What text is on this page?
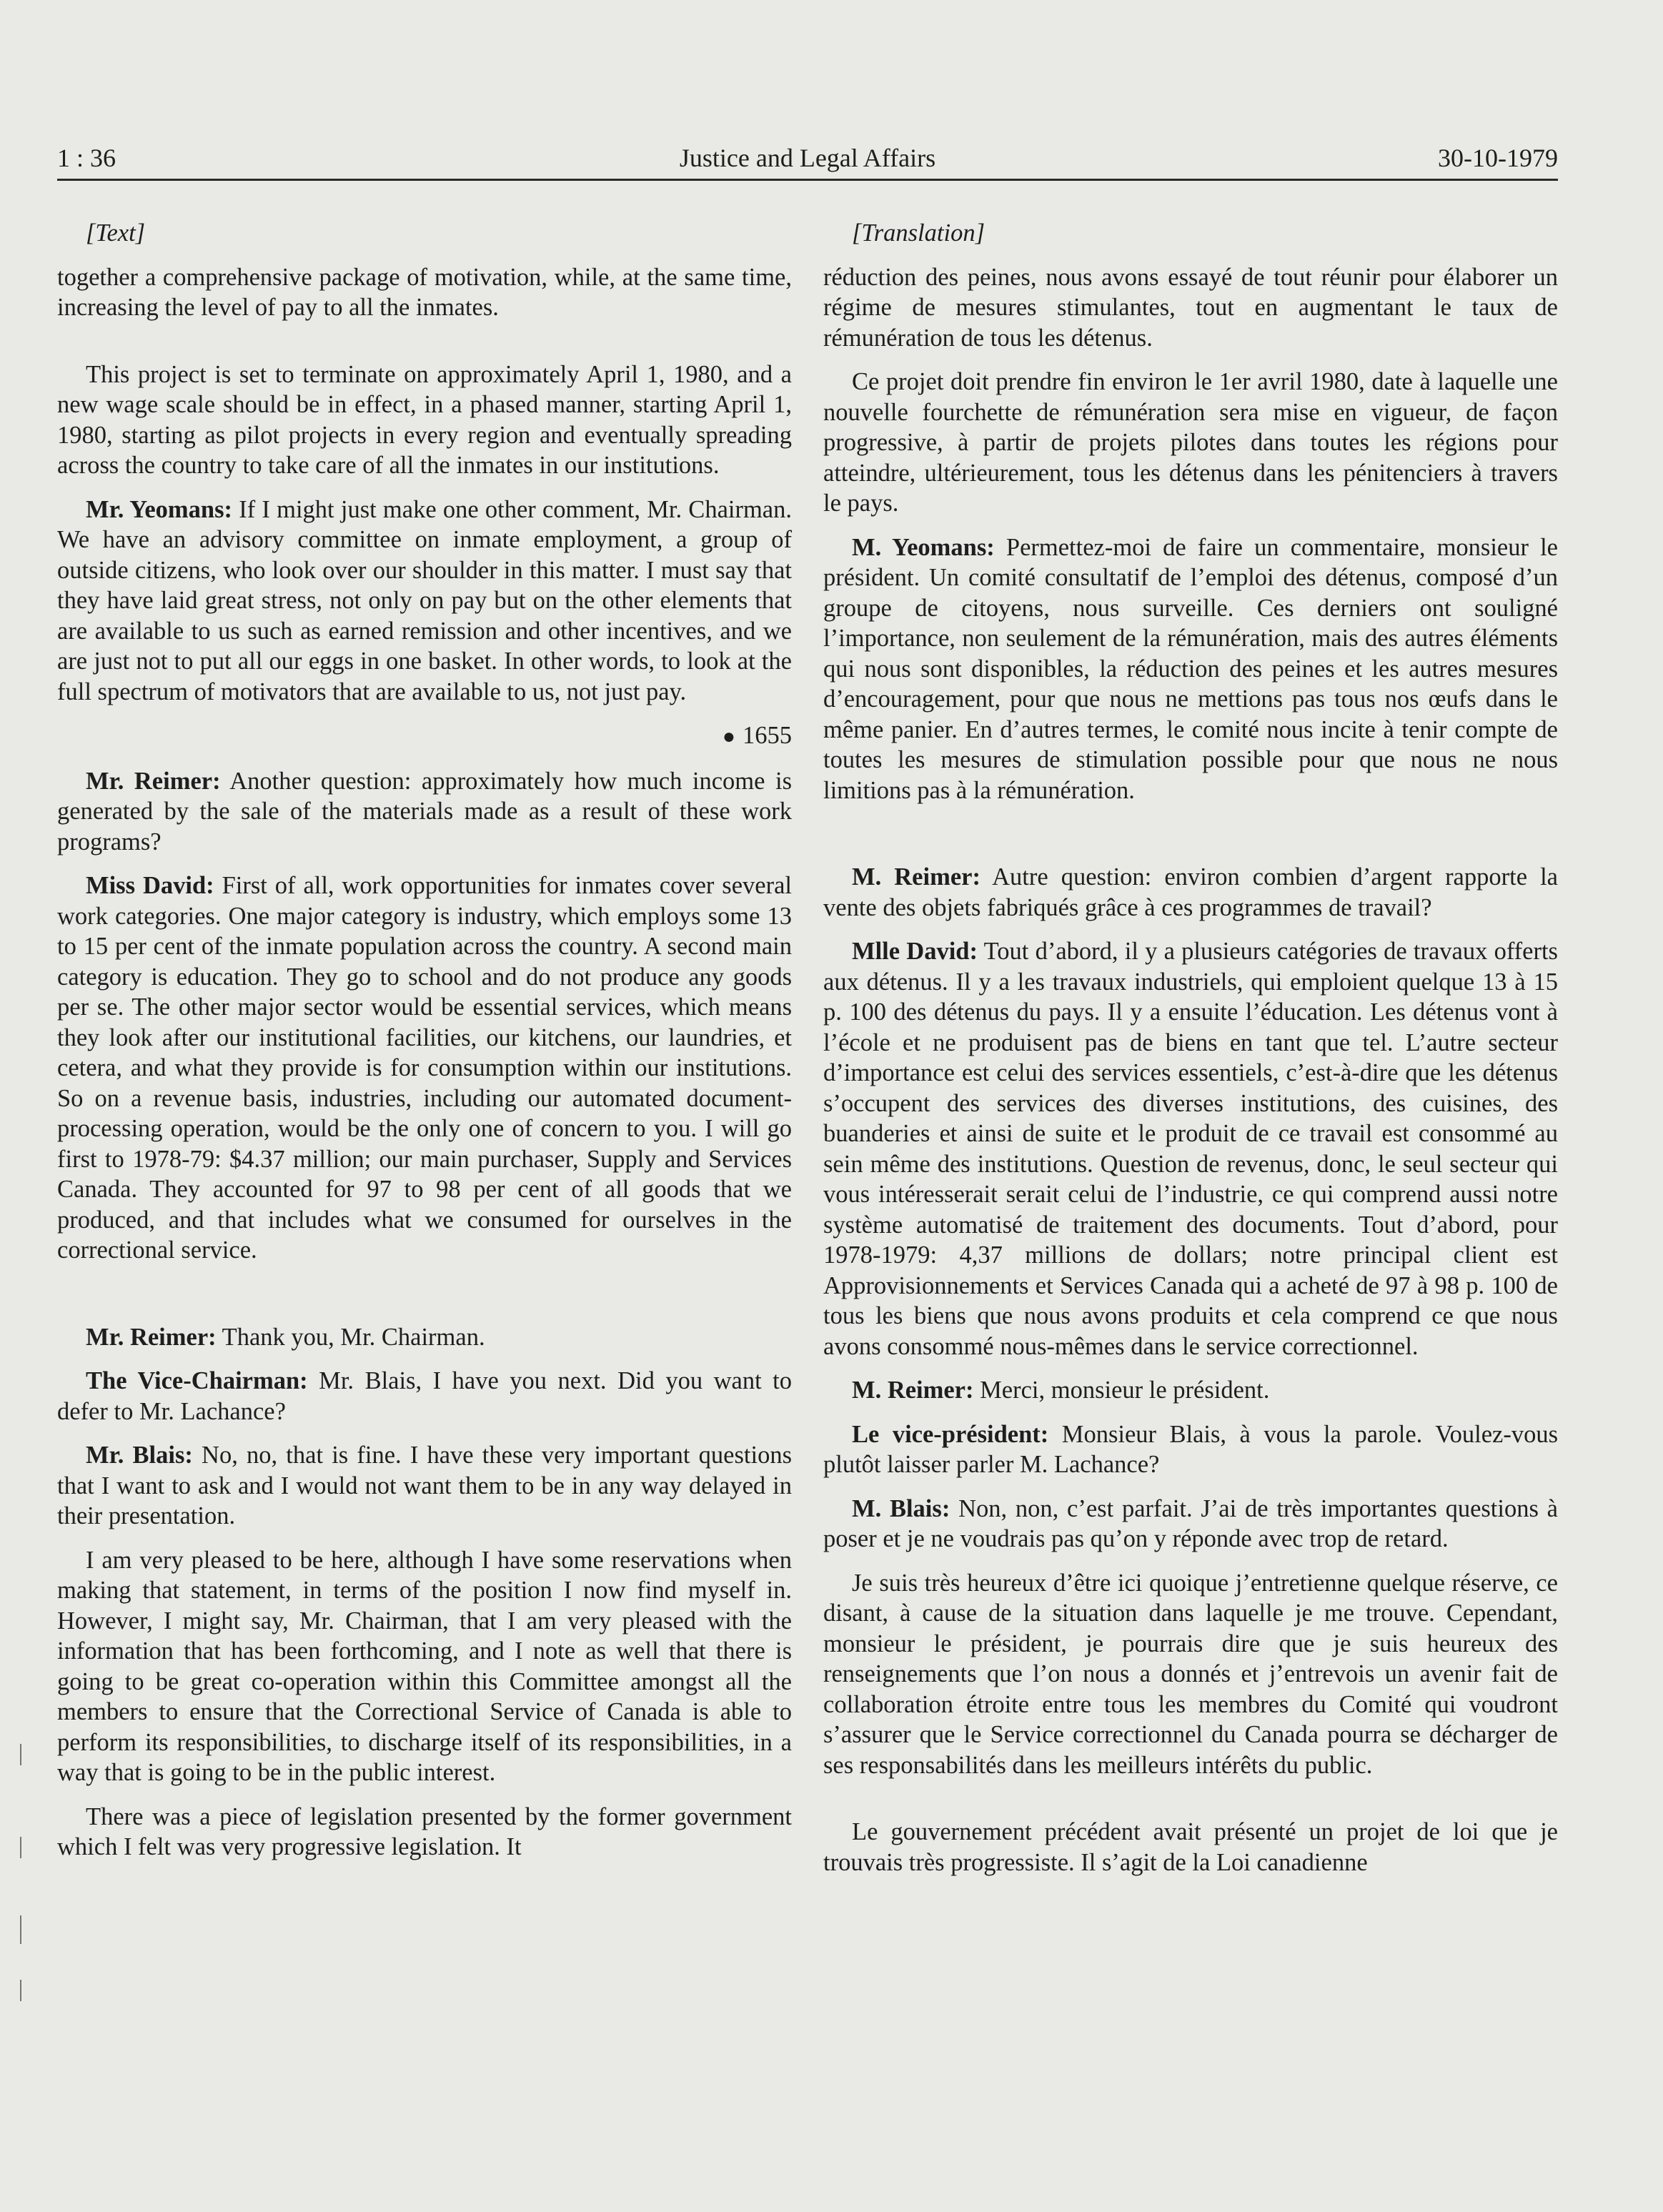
1 : 36	Justice and Legal Affairs	30-10-1979

[Text]

together a comprehensive package of motivation, while, at the same time, increasing the level of pay to all the inmates.

This project is set to terminate on approximately April 1, 1980, and a new wage scale should be in effect, in a phased manner, starting April 1, 1980, starting as pilot projects in every region and eventually spreading across the country to take care of all the inmates in our institutions.

Mr. Yeomans: If I might just make one other comment, Mr. Chairman. We have an advisory committee on inmate employment, a group of outside citizens, who look over our shoulder in this matter. I must say that they have laid great stress, not only on pay but on the other elements that are available to us such as earned remission and other incentives, and we are just not to put all our eggs in one basket. In other words, to look at the full spectrum of motivators that are available to us, not just pay.

● 1655

Mr. Reimer: Another question: approximately how much income is generated by the sale of the materials made as a result of these work programs?

Miss David: First of all, work opportunities for inmates cover several work categories. One major category is industry, which employs some 13 to 15 per cent of the inmate population across the country. A second main category is education. They go to school and do not produce any goods per se. The other major sector would be essential services, which means they look after our institutional facilities, our kitchens, our laundries, et cetera, and what they provide is for consumption within our institutions. So on a revenue basis, industries, including our automated document-processing operation, would be the only one of concern to you. I will go first to 1978-79: $4.37 million; our main purchaser, Supply and Services Canada. They accounted for 97 to 98 per cent of all goods that we produced, and that includes what we consumed for ourselves in the correctional service.

Mr. Reimer: Thank you, Mr. Chairman.

The Vice-Chairman: Mr. Blais, I have you next. Did you want to defer to Mr. Lachance?

Mr. Blais: No, no, that is fine. I have these very important questions that I want to ask and I would not want them to be in any way delayed in their presentation.

I am very pleased to be here, although I have some reservations when making that statement, in terms of the position I now find myself in. However, I might say, Mr. Chairman, that I am very pleased with the information that has been forthcoming, and I note as well that there is going to be great co-operation within this Committee amongst all the members to ensure that the Correctional Service of Canada is able to perform its responsibilities, to discharge itself of its responsibilities, in a way that is going to be in the public interest.

There was a piece of legislation presented by the former government which I felt was very progressive legislation. It

[Translation]

réduction des peines, nous avons essayé de tout réunir pour élaborer un régime de mesures stimulantes, tout en augmentant le taux de rémunération de tous les détenus.

Ce projet doit prendre fin environ le 1er avril 1980, date à laquelle une nouvelle fourchette de rémunération sera mise en vigueur, de façon progressive, à partir de projets pilotes dans toutes les régions pour atteindre, ultérieurement, tous les détenus dans les pénitenciers à travers le pays.

M. Yeomans: Permettez-moi de faire un commentaire, monsieur le président. Un comité consultatif de l’emploi des détenus, composé d’un groupe de citoyens, nous surveille. Ces derniers ont souligné l’importance, non seulement de la rémunération, mais des autres éléments qui nous sont disponibles, la réduction des peines et les autres mesures d’encouragement, pour que nous ne mettions pas tous nos œufs dans le même panier. En d’autres termes, le comité nous incite à tenir compte de toutes les mesures de stimulation possible pour que nous ne nous limitions pas à la rémunération.

M. Reimer: Autre question: environ combien d’argent rapporte la vente des objets fabriqués grâce à ces programmes de travail?

Mlle David: Tout d’abord, il y a plusieurs catégories de travaux offerts aux détenus. Il y a les travaux industriels, qui emploient quelque 13 à 15 p. 100 des détenus du pays. Il y a ensuite l’éducation. Les détenus vont à l’école et ne produisent pas de biens en tant que tel. L’autre secteur d’importance est celui des services essentiels, c’est-à-dire que les détenus s’occupent des services des diverses institutions, des cuisines, des buanderies et ainsi de suite et le produit de ce travail est consommé au sein même des institutions. Question de revenus, donc, le seul secteur qui vous intéresserait serait celui de l’industrie, ce qui comprend aussi notre système automatisé de traitement des documents. Tout d’abord, pour 1978-1979: 4,37 millions de dollars; notre principal client est Approvisionnements et Services Canada qui a acheté de 97 à 98 p. 100 de tous les biens que nous avons produits et cela comprend ce que nous avons consommé nous-mêmes dans le service correctionnel.

M. Reimer: Merci, monsieur le président.

Le vice-président: Monsieur Blais, à vous la parole. Voulez-vous plutôt laisser parler M. Lachance?

M. Blais: Non, non, c’est parfait. J’ai de très importantes questions à poser et je ne voudrais pas qu’on y réponde avec trop de retard.

Je suis très heureux d’être ici quoique j’entretienne quelque réserve, ce disant, à cause de la situation dans laquelle je me trouve. Cependant, monsieur le président, je pourrais dire que je suis heureux des renseignements que l’on nous a donnés et j’entrevois un avenir fait de collaboration étroite entre tous les membres du Comité qui voudront s’assurer que le Service correctionnel du Canada pourra se décharger de ses responsabilités dans les meilleurs intérêts du public.

Le gouvernement précédent avait présenté un projet de loi que je trouvais très progressiste. Il s’agit de la Loi canadienne
